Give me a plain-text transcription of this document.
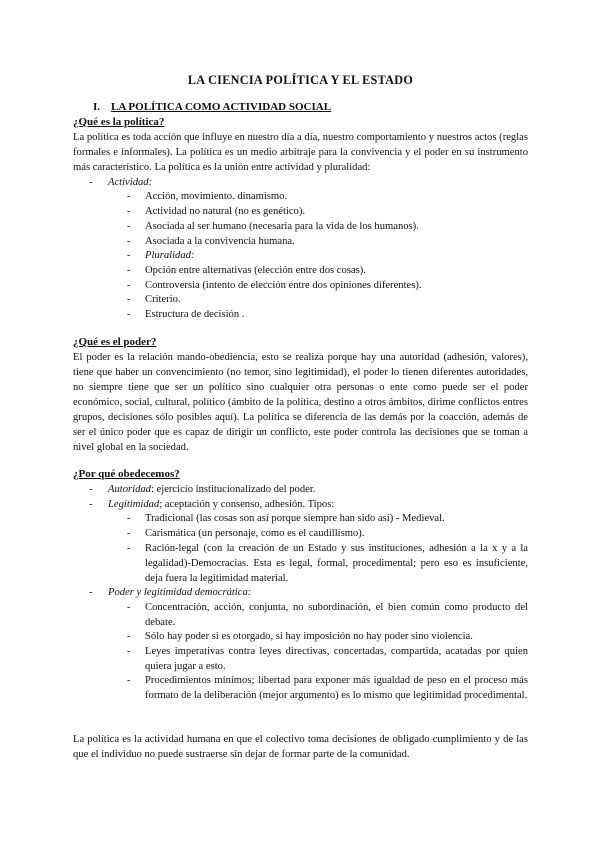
LA CIENCIA POLÍTICA Y EL ESTADO
I. LA POLÍTICA COMO ACTIVIDAD SOCIAL
¿Qué es la política?
La política es toda acción que influye en nuestro día a día, nuestro comportamiento y nuestros actos (reglas formales e informales). La política es un medio arbitraje para la convivencia y el poder en su instrumento más característico. La política es la unión entre actividad y pluralidad:
- Actividad:
- Acción, movimiento. dinamismo.
- Actividad no natural (no es genético).
- Asociada al ser humano (necesaria para la vida de los humanos).
- Asociada a la convivencia humana.
- Pluralidad:
- Opción entre alternativas (elección entre dos cosas).
- Controversia (intento de elección entre dos opiniones diferentes).
- Criterio.
- Estructura de decisión .
¿Qué es el poder?
El poder es la relación mando-obediencia, esto se realiza porque hay una autoridad (adhesión, valores), tiene que haber un convencimiento (no temor, sino legitimidad), el poder lo tienen diferentes autoridades, no siempre tiene que ser un político sino cualquier otra personas o ente como puede ser el poder económico, social, cultural, político (ámbito de la política, destino a otros ámbitos, dirime conflictos entres grupos, decisiones sólo posibles aquí). La política se diferencia de las demás por la coacción, además de ser el único poder que es capaz de dirigir un conflicto, este poder controla las decisiones que se toman a nivel global en la sociedad.
¿Por qué obedecemos?
- Autoridad: ejercicio institucionalizado del poder.
- Legitimidad; aceptación y consenso, adhesión. Tipos:
- Tradicional (las cosas son así porque siempre han sido así) - Medieval.
- Carismática (un personaje, como es el caudillismo).
- Ración-legal (con la creación de un Estado y sus instituciones, adhesión a la x y a la legalidad)-Democracias. Esta es legal, formal, procedimental; pero eso es insuficiente, deja fuera la legitimidad material.
- Poder y legitimidad democrática:
- Concentración, acción, conjunta, no subordinación, el bien común como producto del debate.
- Sólo hay poder si es otorgado, si hay imposición no hay poder sino violencia.
- Leyes imperativas contra leyes directivas, concertadas, compartida, acatadas por quien quiera jugar a esto.
- Procedimientos mínimos; libertad para exponer más igualdad de peso en el proceso más formato de la deliberación (mejor argumento) es lo mismo que legitimidad procedimental.
La política es la actividad humana en que el colectivo toma decisiones de obligado cumplimiento y de las que el individuo no puede sustraerse sin dejar de formar parte de la comunidad.
